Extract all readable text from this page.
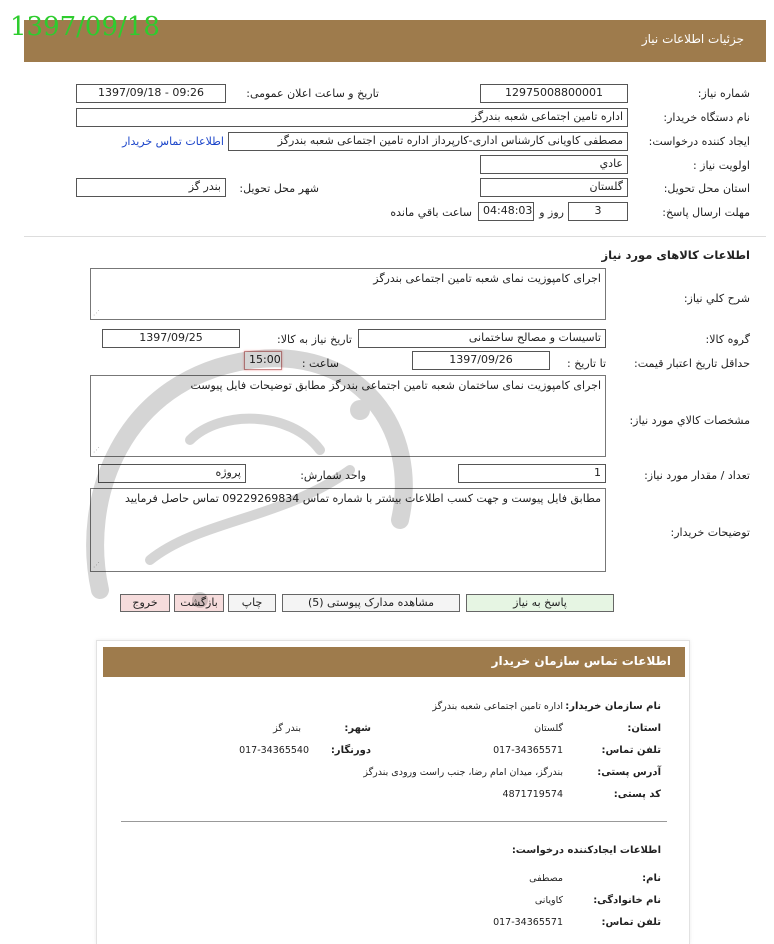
1397/09/18	جزئیات اطلاعات نیاز
شماره نیاز:
12975008800001
تاریخ و ساعت اعلان عمومی:
1397/09/18 - 09:26
نام دستگاه خریدار:
اداره تامین اجتماعی شعبه بندرگز
ایجاد کننده درخواست:
مصطفی کاویانی کارشناس اداری-کارپرداز اداره تامین اجتماعی شعبه بندرگز
اطلاعات تماس خریدار
اولویت نیاز :
عادي
استان محل تحویل:
گلستان
شهر محل تحویل:
بندر گز
مهلت ارسال پاسخ:
3
روز و
04:48:03
ساعت باقي مانده
اطلاعات کالاهای مورد نیاز
شرح کلي نياز:
اجرای کامپوزیت نمای شعبه تامین اجتماعی بندرگز
⋰
گروه کالا:
تاسیسات و مصالح ساختمانی
تاریخ نیاز به کالا:
1397/09/25
حداقل تاریخ اعتبار قیمت:
تا تاریخ :
1397/09/26
ساعت :
15:00
مشخصات کالاي مورد نياز:
اجرای کامپوزیت نمای ساختمان شعبه تامین اجتماعی بندرگز مطابق توضیحات فایل پیوست
⋰
تعداد / مقدار مورد نیاز:
1
واحد شمارش:
پروژه
توضیحات خریدار:
مطابق فایل پیوست و جهت کسب اطلاعات بیشتر با شماره تماس 09229269834 تماس حاصل فرمایید
⋰
پاسخ به نیاز
مشاهده مدارک پیوستی (5)
چاپ
بازگشت
خروج
اطلاعات تماس سازمان خریدار
نام سازمان خریدار:
اداره تامین اجتماعی شعبه بندرگز
استان:
گلستان
شهر:
بندر گز
تلفن تماس:
017-34365571
دورنگار:
017-34365540
آدرس پستی:
بندرگز، میدان امام رضا، جنب راست ورودی بندرگز
کد پستی:
4871719574
اطلاعات ایجادکننده درخواست:
نام:
مصطفی
نام خانوادگی:
کاویانی
تلفن تماس:
017-34365571
